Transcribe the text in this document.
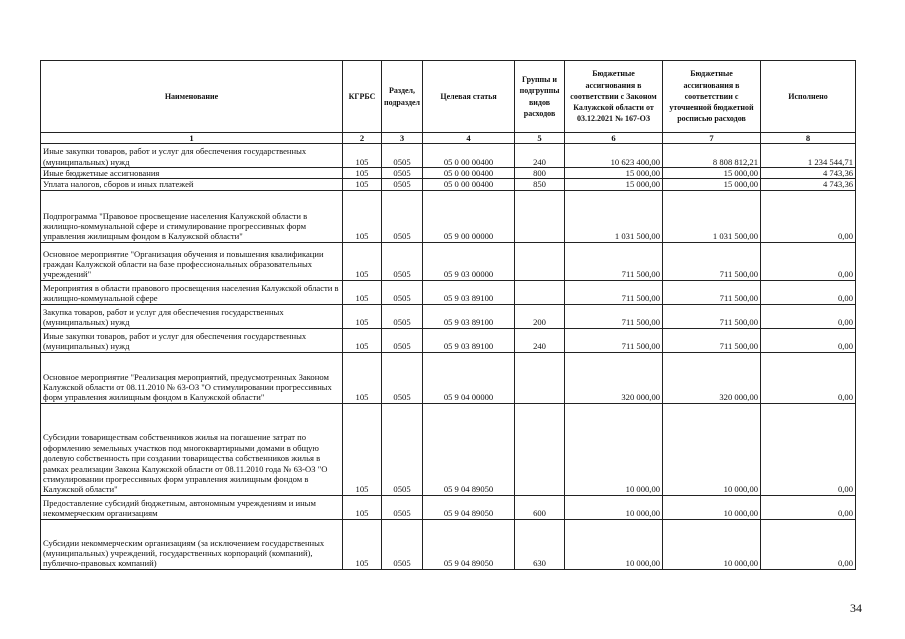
Наименование	КГРБС	Раздел, подраздел	Целевая статья	Группы и подгруппы видов расходов	Бюджетные ассигнования в соответствии с Законом Калужской области от 03.12.2021 № 167-ОЗ	Бюджетные ассигнования в соответствии с уточненной бюджетной росписью расходов	Исполнено
1	2	3	4	5	6	7	8
Иные закупки товаров, работ и услуг для обеспечения государственных (муниципальных) нужд	105	0505	05 0 00 00400	240	10 623 400,00	8 808 812,21	1 234 544,71
Иные бюджетные ассигнования	105	0505	05 0 00 00400	800	15 000,00	15 000,00	4 743,36
Уплата налогов, сборов и иных платежей	105	0505	05 0 00 00400	850	15 000,00	15 000,00	4 743,36
Подпрограмма "Правовое просвещение населения Калужской области в жилищно-коммунальной сфере и стимулирование прогрессивных форм управления жилищным фондом в Калужской области"	105	0505	05 9 00 00000		1 031 500,00	1 031 500,00	0,00
Основное мероприятие "Организация обучения и повышения квалификации граждан Калужской области на базе профессиональных образовательных учреждений"	105	0505	05 9 03 00000		711 500,00	711 500,00	0,00
Мероприятия в области правового просвещения населения Калужской области в жилищно-коммунальной сфере	105	0505	05 9 03 89100		711 500,00	711 500,00	0,00
Закупка товаров, работ и услуг для обеспечения государственных (муниципальных) нужд	105	0505	05 9 03 89100	200	711 500,00	711 500,00	0,00
Иные закупки товаров, работ и услуг для обеспечения государственных (муниципальных) нужд	105	0505	05 9 03 89100	240	711 500,00	711 500,00	0,00
Основное мероприятие "Реализация мероприятий, предусмотренных Законом Калужской области от 08.11.2010 № 63-ОЗ "О стимулировании прогрессивных форм управления жилищным фондом в Калужской области"	105	0505	05 9 04 00000		320 000,00	320 000,00	0,00
Субсидии товариществам собственников жилья на погашение затрат по оформлению земельных участков под многоквартирными домами в общую долевую собственность при создании товарищества собственников жилья в рамках реализации Закона Калужской области от 08.11.2010 года № 63-ОЗ "О стимулировании прогрессивных форм управления жилищным фондом в Калужской области"	105	0505	05 9 04 89050		10 000,00	10 000,00	0,00
Предоставление субсидий бюджетным, автономным учреждениям и иным некоммерческим организациям	105	0505	05 9 04 89050	600	10 000,00	10 000,00	0,00
Субсидии некоммерческим организациям (за исключением государственных (муниципальных) учреждений, государственных корпораций (компаний), публично-правовых компаний)	105	0505	05 9 04 89050	630	10 000,00	10 000,00	0,00
34
